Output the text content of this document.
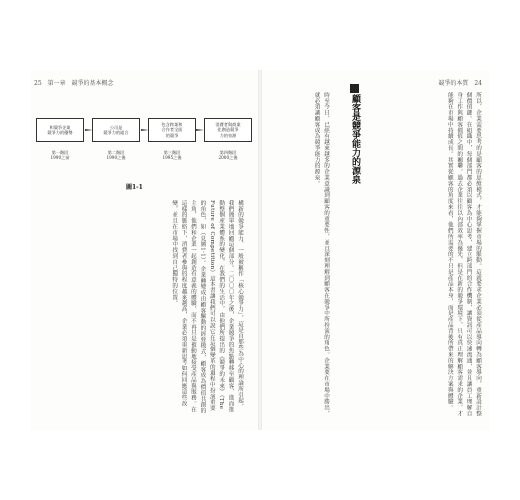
25 第一章 競爭的基本概念
和競爭企業
競爭力的優勢
第一階段
1990之前
公司是
競爭力的組合
第二階段
1990之後
包含跨業和
合作者全面
的競爭
第三階段
1995之後
消費者與商業
化創造競爭
力的泉源
第四階段
2000之後
圖1-1
構新的競爭能力，一般被稱作「核心競爭力」，這是自那些為中心的理論所引起，我們簡單地回顧這個部分。二〇〇〇年之後，企業競爭的焦點轉移至顧客，進而推動整個產業體系的變化，在我們的生活中，由他們所提出的《競爭的未來》（The Future of Competition）這本書讓我們可以說它在這個變革的過程中扮演重要的角色，如（見圖1-1）。企業轉變成由顧客驅動的經營模式，顧客成為價值共創的主角，他們和企業一起創造有意義的體驗，而不再只是被動地接受產品與服務。在這樣的脈絡下，消費者參與的程度越來越高，企業必須重新思考如何回應這些改變，並且在市場中找到自己獨特的位置。
競爭的本質 24
所以，企業需要思考的是顧客的思維模式，才能夠掌握市場的脈動。這就要求企業必須從產品導向轉為顧客導向，重新設計整個價值鏈。在組織中，每個部門都必須以顧客為中心思考，建立跨部門的合作機制，讓資訊可以快速流通，並且讓員工理解自身工作與顧客價值之間的關聯。過去企業往往以內部效率為優先，但是在新的競爭環境下，只有真正理解顧客需求的企業，才能夠在市場中持續成長。其實從顧客的角度來看，他們所需要的不只是產品本身，而是產品背後所帶來的解決方案與體驗。
顧客是競爭能力的源泉
時至今日，已經有越來越多的企業意識到顧客的重要性，並且深刻理解到顧客在競爭中所扮演的角色。企業要在市場中勝出，就必須讓顧客成為競爭能力的源泉。
